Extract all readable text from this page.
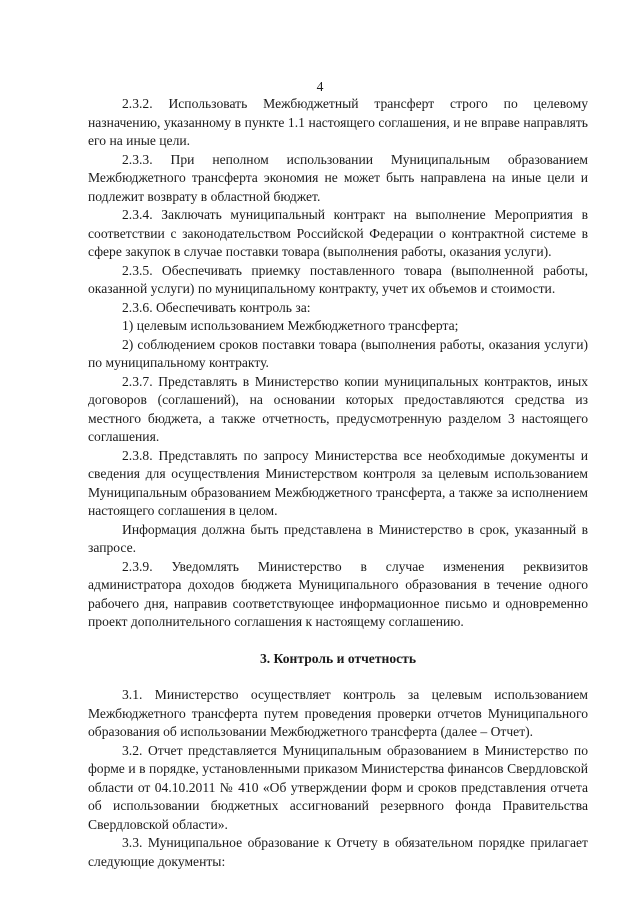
4

2.3.2. Использовать Межбюджетный трансферт строго по целевому назначению, указанному в пункте 1.1 настоящего соглашения, и не вправе направлять его на иные цели.

2.3.3. При неполном использовании Муниципальным образованием Межбюджетного трансферта экономия не может быть направлена на иные цели и подлежит возврату в областной бюджет.

2.3.4. Заключать муниципальный контракт на выполнение Мероприятия в соответствии с законодательством Российской Федерации о контрактной системе в сфере закупок в случае поставки товара (выполнения работы, оказания услуги).

2.3.5. Обеспечивать приемку поставленного товара (выполненной работы, оказанной услуги) по муниципальному контракту, учет их объемов и стоимости.

2.3.6. Обеспечивать контроль за:

1) целевым использованием Межбюджетного трансферта;

2) соблюдением сроков поставки товара (выполнения работы, оказания услуги) по муниципальному контракту.

2.3.7. Представлять в Министерство копии муниципальных контрактов, иных договоров (соглашений), на основании которых предоставляются средства из местного бюджета, а также отчетность, предусмотренную разделом 3 настоящего соглашения.

2.3.8. Представлять по запросу Министерства все необходимые документы и сведения для осуществления Министерством контроля за целевым использованием Муниципальным образованием Межбюджетного трансферта, а также за исполнением настоящего соглашения в целом.

Информация должна быть представлена в Министерство в срок, указанный в запросе.

2.3.9. Уведомлять Министерство в случае изменения реквизитов администратора доходов бюджета Муниципального образования в течение одного рабочего дня, направив соответствующее информационное письмо и одновременно проект дополнительного соглашения к настоящему соглашению.

3. Контроль и отчетность

3.1. Министерство осуществляет контроль за целевым использованием Межбюджетного трансферта путем проведения проверки отчетов Муниципального образования об использовании Межбюджетного трансферта (далее – Отчет).

3.2. Отчет представляется Муниципальным образованием в Министерство по форме и в порядке, установленными приказом Министерства финансов Свердловской области от 04.10.2011 № 410 «Об утверждении форм и сроков представления отчета об использовании бюджетных ассигнований резервного фонда Правительства Свердловской области».

3.3. Муниципальное образование к Отчету в обязательном порядке прилагает следующие документы:
